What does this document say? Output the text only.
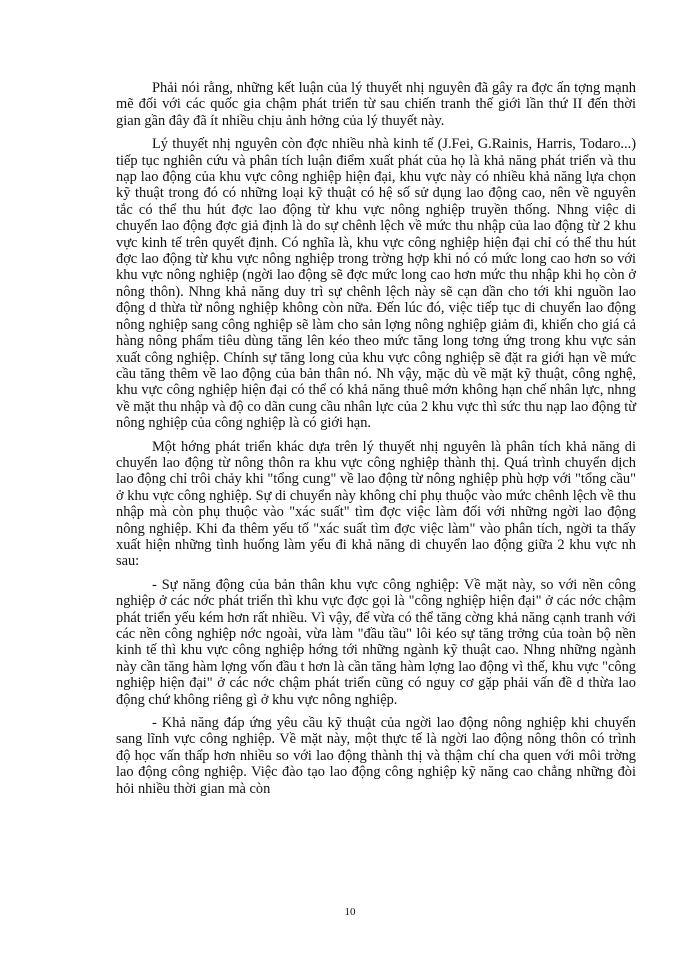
Phải nói rằng, những kết luận của lý thuyết nhị nguyên đã gây ra đợc ấn tợng mạnh mẽ đối với các quốc gia chậm phát triển từ sau chiến tranh thế giới lần thứ II đến thời gian gần đây đã ít nhiều chịu ảnh hởng của lý thuyết này.

Lý thuyết nhị nguyên còn đợc nhiều nhà kinh tế (J.Fei, G.Rainis, Harris, Todaro...) tiếp tục nghiên cứu và phân tích luận điểm xuất phát của họ là khả năng phát triển và thu nạp lao động của khu vực công nghiệp hiện đại, khu vực này có nhiều khả năng lựa chọn kỹ thuật trong đó có những loại kỹ thuật có hệ số sử dụng lao động cao, nên về nguyên tắc có thể thu hút đợc lao động từ khu vực nông nghiệp truyền thống. Nhng việc di chuyển lao động đợc giả định là do sự chênh lệch về mức thu nhập của lao động từ 2 khu vực kinh tế trên quyết định. Có nghĩa là, khu vực công nghiệp hiện đại chỉ có thể thu hút đợc lao động từ khu vực nông nghiệp trong trờng hợp khi nó có mức long cao hơn so với khu vực nông nghiệp (ngời lao động sẽ đợc mức long cao hơn mức thu nhập khi họ còn ở nông thôn). Nhng khả năng duy trì sự chênh lệch này sẽ cạn dần cho tới khi nguồn lao động d thừa từ nông nghiệp không còn nữa. Đến lúc đó, việc tiếp tục di chuyển lao động nông nghiệp sang công nghiệp sẽ làm cho sản lợng nông nghiệp giảm đi, khiến cho giá cả hàng nông phẩm tiêu dùng tăng lên kéo theo mức tăng long tơng ứng trong khu vực sản xuất công nghiệp. Chính sự tăng long của khu vực công nghiệp sẽ đặt ra giới hạn về mức cầu tăng thêm về lao động của bản thân nó. Nh vậy, mặc dù về mặt kỹ thuật, công nghệ, khu vực công nghiệp hiện đại có thể có khả năng thuê mớn không hạn chế nhân lực, nhng về mặt thu nhập và độ co dãn cung cầu nhân lực của 2 khu vực thì sức thu nạp lao động từ nông nghiệp của công nghiệp là có giới hạn.

Một hớng phát triển khác dựa trên lý thuyết nhị nguyên là phân tích khả năng di chuyển lao động từ nông thôn ra khu vực công nghiệp thành thị. Quá trình chuyển dịch lao động chỉ trôi chảy khi "tổng cung" về lao động từ nông nghiệp phù hợp với "tổng cầu" ở khu vực công nghiệp. Sự di chuyển này không chỉ phụ thuộc vào mức chênh lệch về thu nhập mà còn phụ thuộc vào "xác suất" tìm đợc việc làm đối với những ngời lao động nông nghiệp. Khi đa thêm yếu tố "xác suất tìm đợc việc làm" vào phân tích, ngời ta thấy xuất hiện những tình huống làm yếu đi khả năng di chuyển lao động giữa 2 khu vực nh sau:

- Sự năng động của bản thân khu vực công nghiệp: Về mặt này, so với nền công nghiệp ở các nớc phát triển thì khu vực đợc gọi là "công nghiệp hiện đại" ở các nớc chậm phát triển yếu kém hơn rất nhiều. Vì vậy, để vừa có thể tăng cờng khả năng cạnh tranh với các nền công nghiệp nớc ngoài, vừa làm "đầu tầu" lôi kéo sự tăng trởng của toàn bộ nền kinh tế thì khu vực công nghiệp hớng tới những ngành kỹ thuật cao. Nhng những ngành này cần tăng hàm lợng vốn đầu t hơn là cần tăng hàm lợng lao động vì thế, khu vực "công nghiệp hiện đại" ở các nớc chậm phát triển cũng có nguy cơ gặp phải vấn đề d thừa lao động chứ không riêng gì ở khu vực nông nghiệp.

- Khả năng đáp ứng yêu cầu kỹ thuật của ngời lao động nông nghiệp khi chuyển sang lĩnh vực công nghiệp. Về mặt này, một thực tế là ngời lao động nông thôn có trình độ học vấn thấp hơn nhiều so với lao động thành thị và thậm chí cha quen với môi trờng lao động công nghiệp. Việc đào tạo lao động công nghiệp kỹ năng cao chẳng những đòi hỏi nhiều thời gian mà còn

10
